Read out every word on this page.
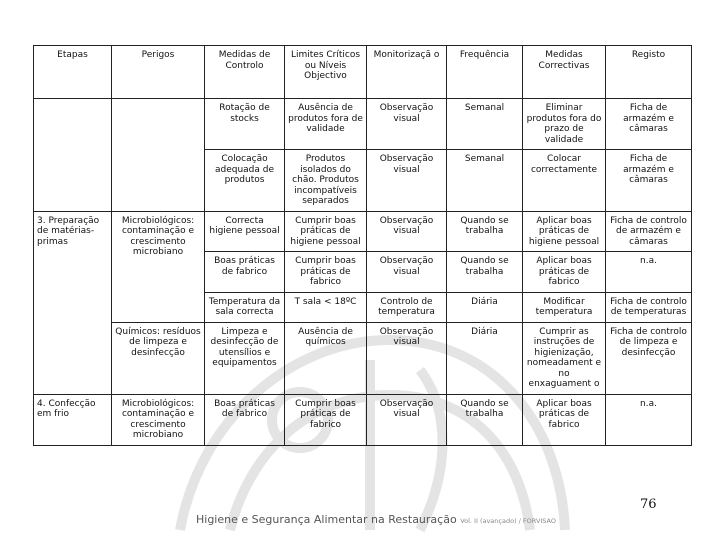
Etapas	Perigos	Medidas de Controlo	Limites Críticos ou Níveis Objectivo	Monitorizaçã o	Frequência	Medidas Correctivas	Registo
		Rotação de stocks	Ausência de produtos fora de validade	Observação visual	Semanal	Eliminar produtos fora do prazo de validade	Ficha de armazém e câmaras
		Colocação adequada de produtos	Produtos isolados do chão. Produtos incompatíveis separados	Observação visual	Semanal	Colocar correctamente	Ficha de armazém e câmaras
3. Preparação de matérias-primas	Microbiológicos: contaminação e crescimento microbiano	Correcta higiene pessoal	Cumprir boas práticas de higiene pessoal	Observação visual	Quando se trabalha	Aplicar boas práticas de higiene pessoal	Ficha de controlo de armazém e câmaras
		Boas práticas de fabrico	Cumprir boas práticas de fabrico	Observação visual	Quando se trabalha	Aplicar boas práticas de fabrico	n.a.
		Temperatura da sala correcta	T sala < 18ºC	Controlo de temperatura	Diária	Modificar temperatura	Ficha de controlo de temperaturas
	Químicos: resíduos de limpeza e desinfecção	Limpeza e desinfecção de utensílios e equipamentos	Ausência de químicos	Observação visual	Diária	Cumprir as instruções de higienização, nomeadament e no enxaguament o	Ficha de controlo de limpeza e desinfecção
4. Confecção em frio	Microbiológicos: contaminação e crescimento microbiano	Boas práticas de fabrico	Cumprir boas práticas de fabrico	Observação visual	Quando se trabalha	Aplicar boas práticas de fabrico	n.a.
76
Higiene e Segurança Alimentar na Restauração Vol. II (avançado) / FORVISAO
